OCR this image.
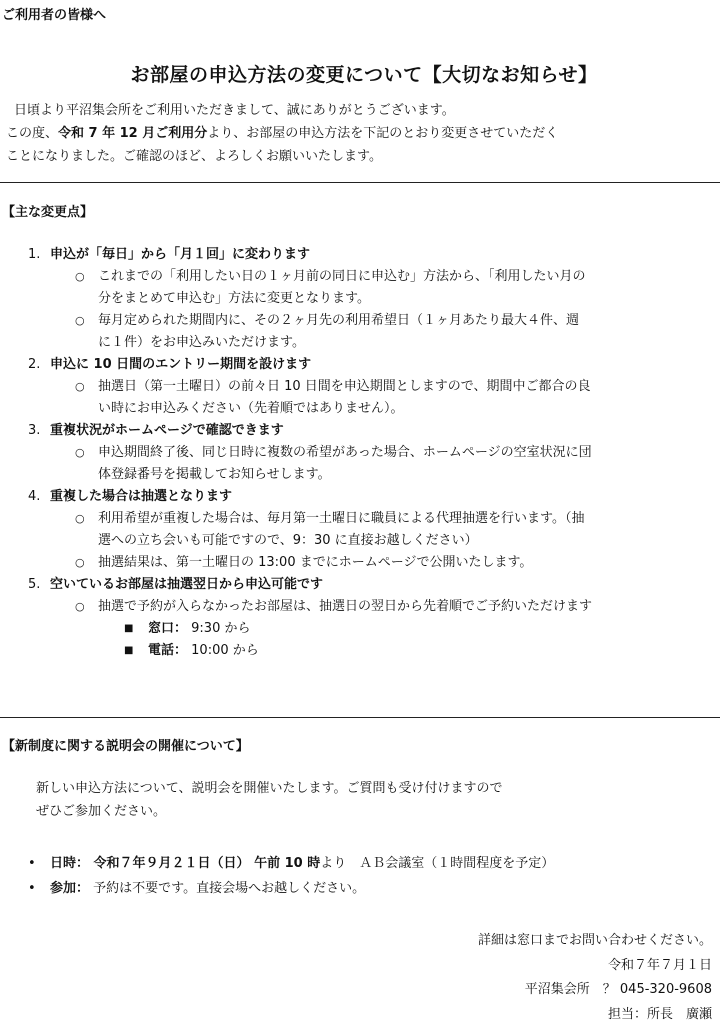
ご利用者の皆様へ
お部屋の申込方法の変更について【大切なお知らせ】

日頃より平沼集会所をご利用いただきまして、誠にありがとうございます。

この度、令和 7 年 12 月ご利用分より、お部屋の申込方法を下記のとおり変更させていただく

ことになりました。ご確認のほど、よろしくお願いいたします。

【主な変更点】
1. 申込が「毎日」から「月１回」に変わります
○ これまでの「利用したい日の１ヶ月前の同日に申込む」方法から、「利用したい月の
分をまとめて申込む」方法に変更となります。
○ 毎月定められた期間内に、その２ヶ月先の利用希望日（１ヶ月あたり最大４件、週
に１件）をお申込みいただけます。
2. 申込に 10 日間のエントリー期間を設けます
○ 抽選日（第一土曜日）の前々日 10 日間を申込期間としますので、期間中ご都合の良
い時にお申込みください（先着順ではありません）。
3. 重複状況がホームページで確認できます
○ 申込期間終了後、同じ日時に複数の希望があった場合、ホームページの空室状況に団
体登録番号を掲載してお知らせします。
4. 重複した場合は抽選となります
○ 利用希望が重複した場合は、毎月第一土曜日に職員による代理抽選を行います。（抽
選への立ち会いも可能ですので、9：30 に直接お越しください）
○ 抽選結果は、第一土曜日の 13:00 までにホームページで公開いたします。
5. 空いているお部屋は抽選翌日から申込可能です
○ 抽選で予約が入らなかったお部屋は、抽選日の翌日から先着順でご予約いただけます
■ 窓口： 9:30 から
■ 電話： 10:00 から
【新制度に関する説明会の開催について】

新しい申込方法について、説明会を開催いたします。ご質問も受け付けますので

ぜひご参加ください。

• 日時： 令和７年９月２１日（日） 午前 10 時より　ＡＢ会議室（１時間程度を予定）
• 参加： 予約は不要です。直接会場へお越しください。

詳細は窓口までお問い合わせください。

令和７年７月１日

平沼集会所　？ 045-320-9608

担当：所長　廣瀬
